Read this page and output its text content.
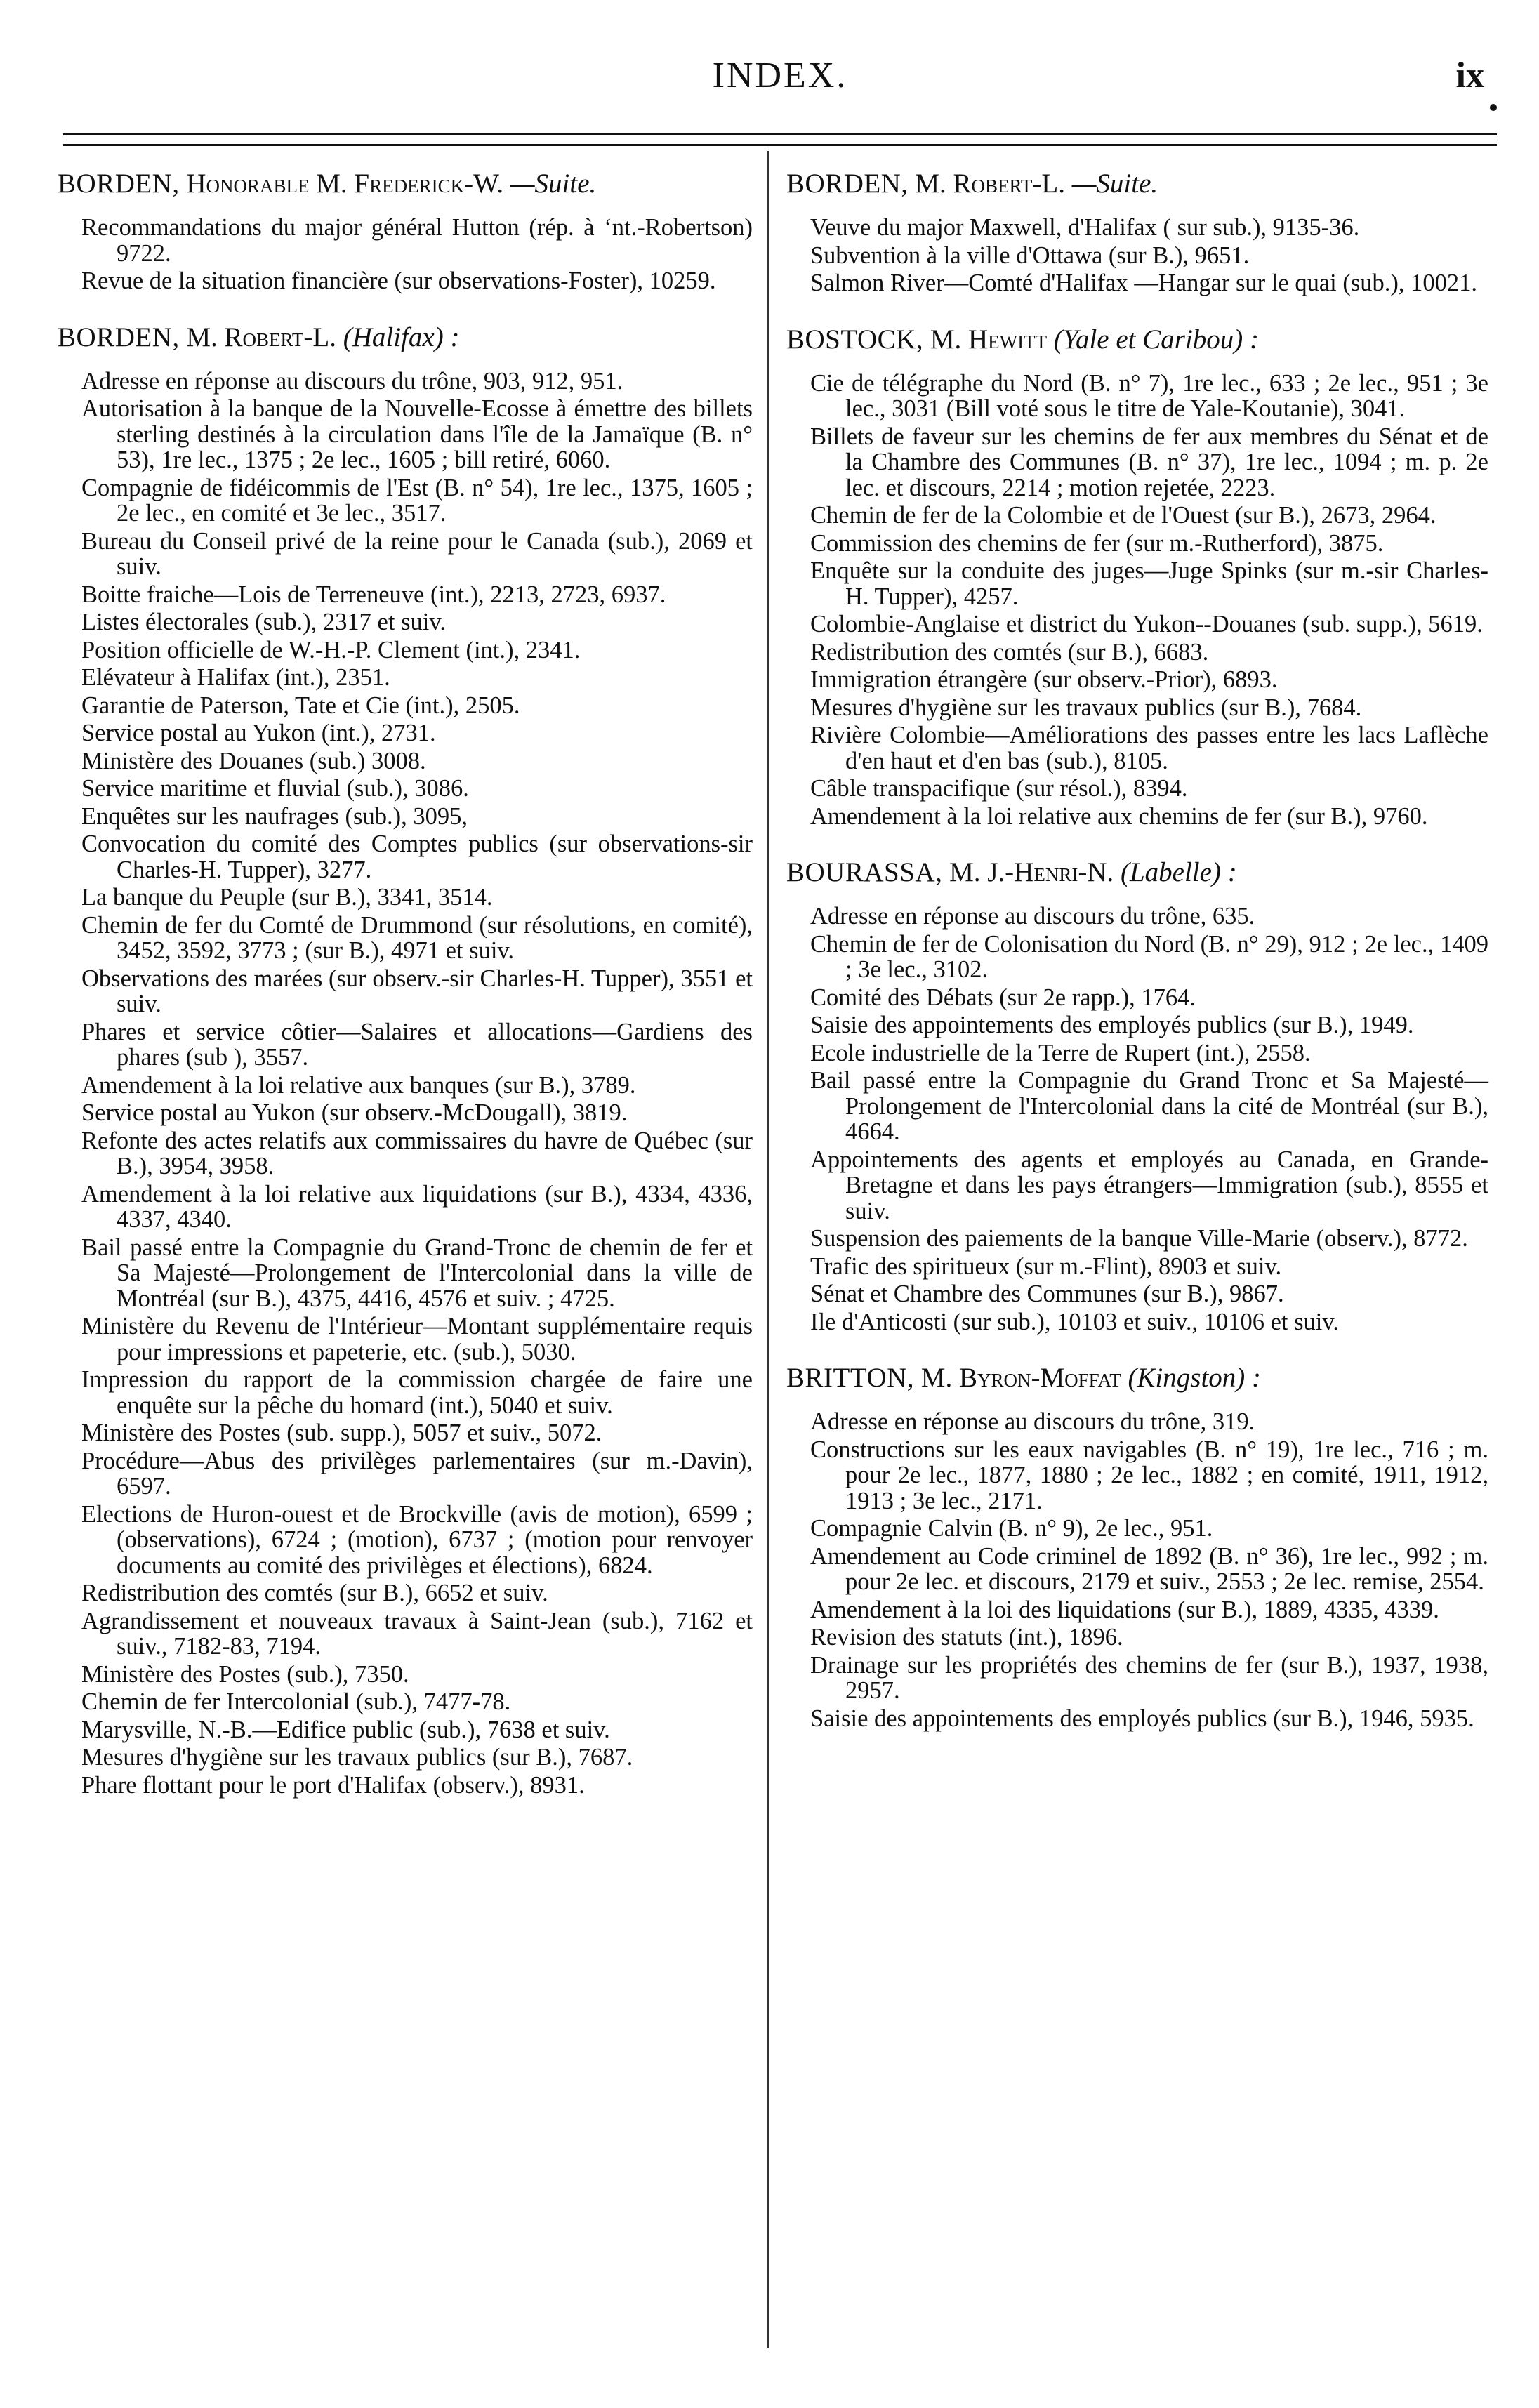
INDEX.	ix
BORDEN, Honorable M. Frederick-W. —Suite.
Recommandations du major général Hutton (rép. à ‘nt.-Robertson) 9722.
Revue de la situation financière (sur observations-Foster), 10259.
BORDEN, M. Robert-L. (Halifax) :
Adresse en réponse au discours du trône, 903, 912, 951.
Autorisation à la banque de la Nouvelle-Ecosse à émettre des billets sterling destinés à la circulation dans l'île de la Jamaïque (B. n° 53), 1re lec., 1375 ; 2e lec., 1605 ; bill retiré, 6060.
Compagnie de fidéicommis de l'Est (B. n° 54), 1re lec., 1375, 1605 ; 2e lec., en comité et 3e lec., 3517.
Bureau du Conseil privé de la reine pour le Canada (sub.), 2069 et suiv.
Boitte fraiche—Lois de Terreneuve (int.), 2213, 2723, 6937.
Listes électorales (sub.), 2317 et suiv.
Position officielle de W.-H.-P. Clement (int.), 2341.
Elévateur à Halifax (int.), 2351.
Garantie de Paterson, Tate et Cie (int.), 2505.
Service postal au Yukon (int.), 2731.
Ministère des Douanes (sub.) 3008.
Service maritime et fluvial (sub.), 3086.
Enquêtes sur les naufrages (sub.), 3095,
Convocation du comité des Comptes publics (sur observations-sir Charles-H. Tupper), 3277.
La banque du Peuple (sur B.), 3341, 3514.
Chemin de fer du Comté de Drummond (sur résolutions, en comité), 3452, 3592, 3773 ; (sur B.), 4971 et suiv.
Observations des marées (sur observ.-sir Charles-H. Tupper), 3551 et suiv.
Phares et service côtier—Salaires et allocations—Gardiens des phares (sub ), 3557.
Amendement à la loi relative aux banques (sur B.), 3789.
Service postal au Yukon (sur observ.-McDougall), 3819.
Refonte des actes relatifs aux commissaires du havre de Québec (sur B.), 3954, 3958.
Amendement à la loi relative aux liquidations (sur B.), 4334, 4336, 4337, 4340.
Bail passé entre la Compagnie du Grand-Tronc de chemin de fer et Sa Majesté—Prolongement de l'Intercolonial dans la ville de Montréal (sur B.), 4375, 4416, 4576 et suiv. ; 4725.
Ministère du Revenu de l'Intérieur—Montant supplémentaire requis pour impressions et papeterie, etc. (sub.), 5030.
Impression du rapport de la commission chargée de faire une enquête sur la pêche du homard (int.), 5040 et suiv.
Ministère des Postes (sub. supp.), 5057 et suiv., 5072.
Procédure—Abus des privilèges parlementaires (sur m.-Davin), 6597.
Elections de Huron-ouest et de Brockville (avis de motion), 6599 ; (observations), 6724 ; (motion), 6737 ; (motion pour renvoyer documents au comité des privilèges et élections), 6824.
Redistribution des comtés (sur B.), 6652 et suiv.
Agrandissement et nouveaux travaux à Saint-Jean (sub.), 7162 et suiv., 7182-83, 7194.
Ministère des Postes (sub.), 7350.
Chemin de fer Intercolonial (sub.), 7477-78.
Marysville, N.-B.—Edifice public (sub.), 7638 et suiv.
Mesures d'hygiène sur les travaux publics (sur B.), 7687.
Phare flottant pour le port d'Halifax (observ.), 8931.
BORDEN, M. Robert-L. —Suite.
Veuve du major Maxwell, d'Halifax ( sur sub.), 9135-36.
Subvention à la ville d'Ottawa (sur B.), 9651.
Salmon River—Comté d'Halifax —Hangar sur le quai (sub.), 10021.
BOSTOCK, M. Hewitt (Yale et Caribou) :
Cie de télégraphe du Nord (B. n° 7), 1re lec., 633 ; 2e lec., 951 ; 3e lec., 3031 (Bill voté sous le titre de Yale-Koutanie), 3041.
Billets de faveur sur les chemins de fer aux membres du Sénat et de la Chambre des Communes (B. n° 37), 1re lec., 1094 ; m. p. 2e lec. et discours, 2214 ; motion rejetée, 2223.
Chemin de fer de la Colombie et de l'Ouest (sur B.), 2673, 2964.
Commission des chemins de fer (sur m.-Rutherford), 3875.
Enquête sur la conduite des juges—Juge Spinks (sur m.-sir Charles-H. Tupper), 4257.
Colombie-Anglaise et district du Yukon--Douanes (sub. supp.), 5619.
Redistribution des comtés (sur B.), 6683.
Immigration étrangère (sur observ.-Prior), 6893.
Mesures d'hygiène sur les travaux publics (sur B.), 7684.
Rivière Colombie—Améliorations des passes entre les lacs Laflèche d'en haut et d'en bas (sub.), 8105.
Câble transpacifique (sur résol.), 8394.
Amendement à la loi relative aux chemins de fer (sur B.), 9760.
BOURASSA, M. J.-Henri-N. (Labelle) :
Adresse en réponse au discours du trône, 635.
Chemin de fer de Colonisation du Nord (B. n° 29), 912 ; 2e lec., 1409 ; 3e lec., 3102.
Comité des Débats (sur 2e rapp.), 1764.
Saisie des appointements des employés publics (sur B.), 1949.
Ecole industrielle de la Terre de Rupert (int.), 2558.
Bail passé entre la Compagnie du Grand Tronc et Sa Majesté—Prolongement de l'Intercolonial dans la cité de Montréal (sur B.), 4664.
Appointements des agents et employés au Canada, en Grande-Bretagne et dans les pays étrangers—Immigration (sub.), 8555 et suiv.
Suspension des paiements de la banque Ville-Marie (observ.), 8772.
Trafic des spiritueux (sur m.-Flint), 8903 et suiv.
Sénat et Chambre des Communes (sur B.), 9867.
Ile d'Anticosti (sur sub.), 10103 et suiv., 10106 et suiv.
BRITTON, M. Byron-Moffat (Kingston) :
Adresse en réponse au discours du trône, 319.
Constructions sur les eaux navigables (B. n° 19), 1re lec., 716 ; m. pour 2e lec., 1877, 1880 ; 2e lec., 1882 ; en comité, 1911, 1912, 1913 ; 3e lec., 2171.
Compagnie Calvin (B. n° 9), 2e lec., 951.
Amendement au Code criminel de 1892 (B. n° 36), 1re lec., 992 ; m. pour 2e lec. et discours, 2179 et suiv., 2553 ; 2e lec. remise, 2554.
Amendement à la loi des liquidations (sur B.), 1889, 4335, 4339.
Revision des statuts (int.), 1896.
Drainage sur les propriétés des chemins de fer (sur B.), 1937, 1938, 2957.
Saisie des appointements des employés publics (sur B.), 1946, 5935.
